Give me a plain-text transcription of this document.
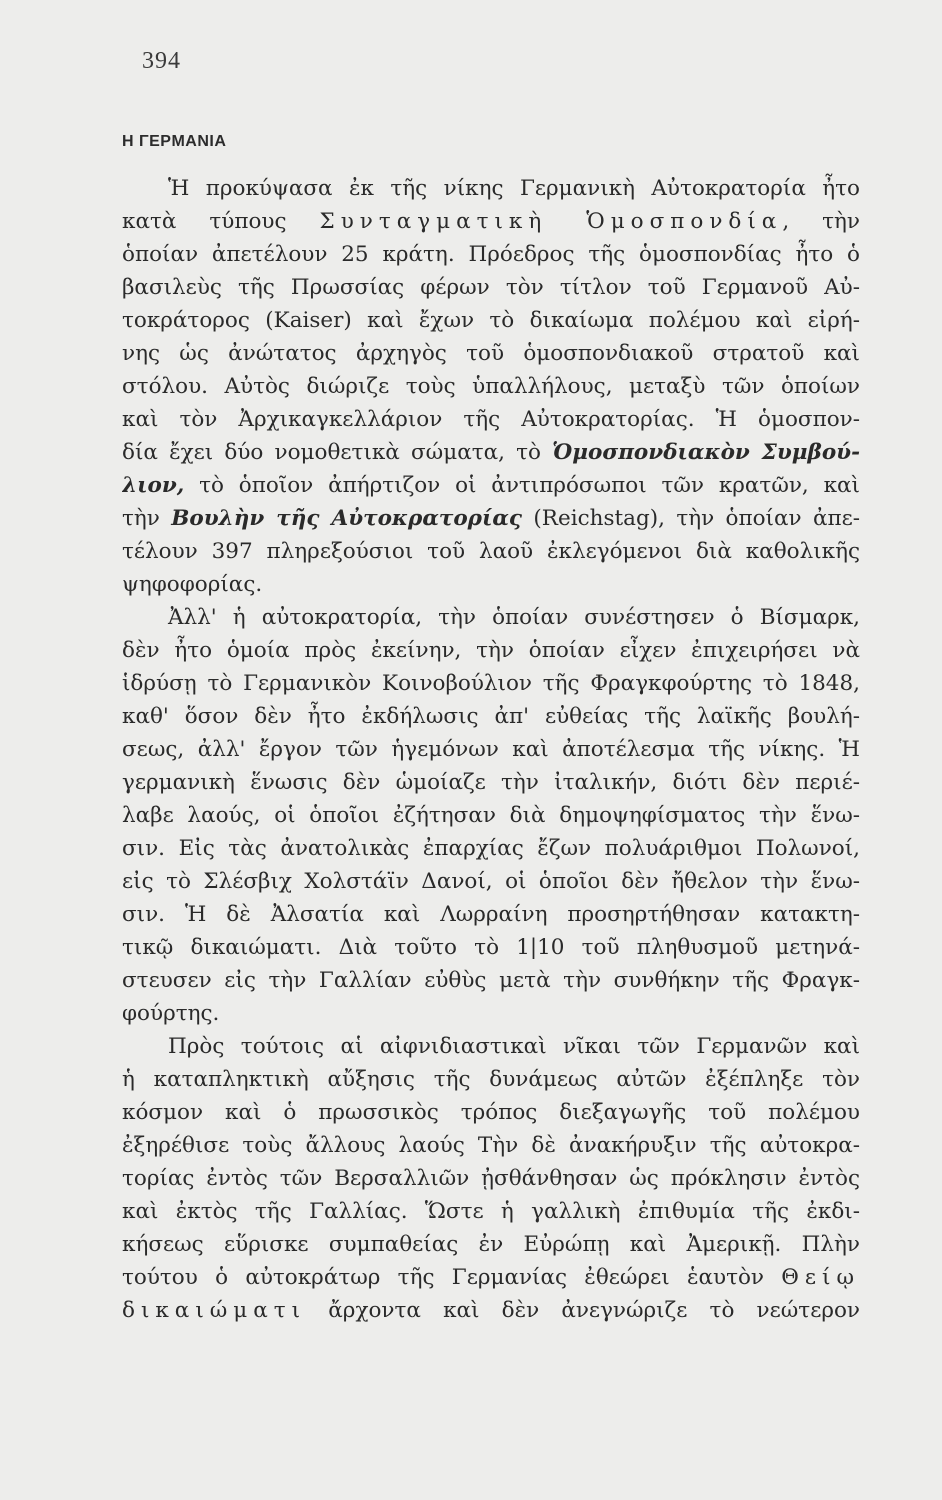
394
Η ΓΕΡΜΑΝΙΑ
Ἡ προκύψασα ἐκ τῆς νίκης Γερμανικὴ Αὐτοκρατορία ἦτο
κατὰ τύπους Συνταγματικὴ Ὁμοσπονδία, τὴν
ὁποίαν ἀπετέλουν 25 κράτη. Πρόεδρος τῆς ὁμοσπονδίας ἦτο ὁ
βασιλεὺς τῆς Πρωσσίας φέρων τὸν τίτλον τοῦ Γερμανοῦ Αὐ-
τοκράτορος (Kaiser) καὶ ἔχων τὸ δικαίωμα πολέμου καὶ εἰρή-
νης ὡς ἀνώτατος ἀρχηγὸς τοῦ ὁμοσπονδιακοῦ στρατοῦ καὶ
στόλου. Αὐτὸς διώριζε τοὺς ὑπαλλήλους, μεταξὺ τῶν ὁποίων
καὶ τὸν Ἀρχικαγκελλάριον τῆς Αὐτοκρατορίας. Ἡ ὁμοσπον-
δία ἔχει δύο νομοθετικὰ σώματα, τὸ Ὁμοσπονδιακὸν Συμβού-
λιον, τὸ ὁποῖον ἀπήρτιζον οἱ ἀντιπρόσωποι τῶν κρατῶν, καὶ
τὴν Βουλὴν τῆς Αὐτοκρατορίας (Reichstag), τὴν ὁποίαν ἀπε-
τέλουν 397 πληρεξούσιοι τοῦ λαοῦ ἐκλεγόμενοι διὰ καθολικῆς
ψηφοφορίας.
Ἀλλ' ἡ αὐτοκρατορία, τὴν ὁποίαν συνέστησεν ὁ Βίσμαρκ,
δὲν ἦτο ὁμοία πρὸς ἐκείνην, τὴν ὁποίαν εἶχεν ἐπιχειρήσει νὰ
ἱδρύσῃ τὸ Γερμανικὸν Κοινοβούλιον τῆς Φραγκφούρτης τὸ 1848,
καθ' ὅσον δὲν ἦτο ἐκδήλωσις ἀπ' εὐθείας τῆς λαϊκῆς βουλή-
σεως, ἀλλ' ἔργον τῶν ἡγεμόνων καὶ ἀποτέλεσμα τῆς νίκης. Ἡ
γερμανικὴ ἕνωσις δὲν ὡμοίαζε τὴν ἰταλικήν, διότι δὲν περιέ-
λαβε λαούς, οἱ ὁποῖοι ἐζήτησαν διὰ δημοψηφίσματος τὴν ἕνω-
σιν. Εἰς τὰς ἀνατολικὰς ἐπαρχίας ἔζων πολυάριθμοι Πολωνοί,
εἰς τὸ Σλέσβιχ Χολστάϊν Δανοί, οἱ ὁποῖοι δὲν ἤθελον τὴν ἕνω-
σιν. Ἡ δὲ Ἀλσατία καὶ Λωρραίνη προσηρτήθησαν κατακτη-
τικῷ δικαιώματι. Διὰ τοῦτο τὸ 1|10 τοῦ πληθυσμοῦ μετηνά-
στευσεν εἰς τὴν Γαλλίαν εὐθὺς μετὰ τὴν συνθήκην τῆς Φραγκ-
φούρτης.
Πρὸς τούτοις αἱ αἰφνιδιαστικαὶ νῖκαι τῶν Γερμανῶν καὶ
ἡ καταπληκτικὴ αὔξησις τῆς δυνάμεως αὐτῶν ἐξέπληξε τὸν
κόσμον καὶ ὁ πρωσσικὸς τρόπος διεξαγωγῆς τοῦ πολέμου
ἐξηρέθισε τοὺς ἄλλους λαούς Τὴν δὲ ἀνακήρυξιν τῆς αὐτοκρα-
τορίας ἐντὸς τῶν Βερσαλλιῶν ᾐσθάνθησαν ὡς πρόκλησιν ἐντὸς
καὶ ἐκτὸς τῆς Γαλλίας. Ὥστε ἡ γαλλικὴ ἐπιθυμία τῆς ἐκδι-
κήσεως εὕρισκε συμπαθείας ἐν Εὐρώπῃ καὶ Ἀμερικῇ. Πλὴν
τούτου ὁ αὐτοκράτωρ τῆς Γερμανίας ἐθεώρει ἑαυτὸν Θείῳ
δικαιώματι ἄρχοντα καὶ δὲν ἀνεγνώριζε τὸ νεώτερον
